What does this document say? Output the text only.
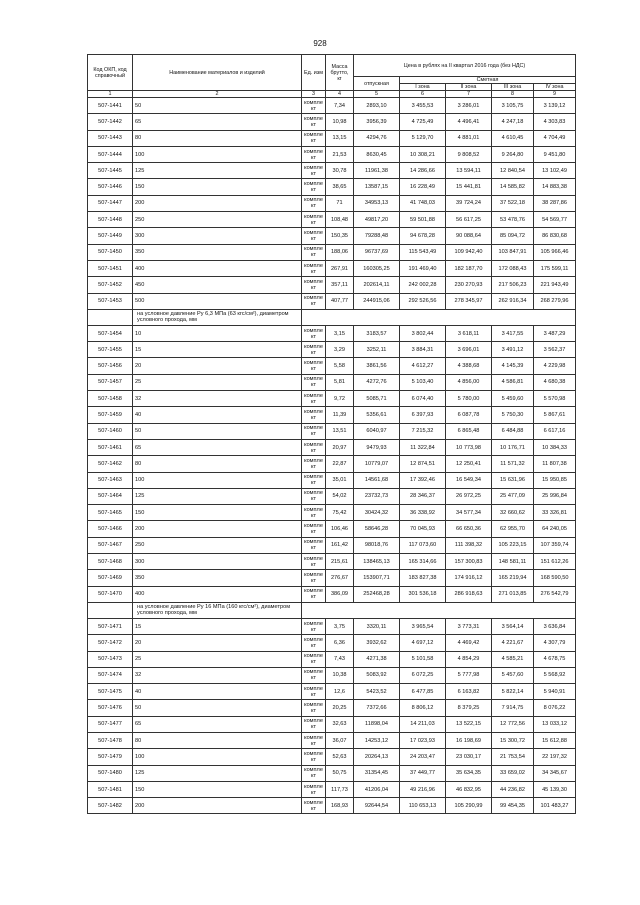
928
Код ОКП, код справочный	Наименование материалов и изделий	Ед. изм	Масса брутто, кг	Цена в рублях на II квартал 2016 года (без НДС)				
				отпускная	Сметная			
					I зона	II зона	III зона	IV зона

1	2	3	4	5	6	7	8	9
507-1441	50	компле кт	7,34	2893,10	3 455,53	3 286,01	3 105,75	3 139,12
507-1442	65	компле кт	10,98	3956,39	4 725,49	4 496,41	4 247,18	4 303,83
507-1443	80	компле кт	13,15	4294,76	5 129,70	4 881,01	4 610,45	4 704,49
507-1444	100	компле кт	21,53	8630,45	10 308,21	9 808,52	9 264,80	9 451,80
507-1445	125	компле кт	30,78	11961,38	14 286,66	13 594,11	12 840,54	13 102,49
507-1446	150	компле кт	38,65	13587,15	16 228,49	15 441,81	14 585,82	14 883,38
507-1447	200	компле кт	71	34953,13	41 748,03	39 724,24	37 522,18	38 287,86
507-1448	250	компле кт	108,48	49817,20	59 501,88	56 617,25	53 478,76	54 569,77
507-1449	300	компле кт	150,35	79288,48	94 678,28	90 088,64	85 094,72	86 830,68
507-1450	350	компле кт	188,06	96737,69	115 543,49	109 942,40	103 847,91	105 966,46
507-1451	400	компле кт	267,91	160305,25	191 469,40	182 187,70	172 088,43	175 599,11
507-1452	450	компле кт	357,11	202614,11	242 002,28	230 270,93	217 506,23	221 943,49
507-1453	500	компле кт	407,77	244915,06	292 526,56	278 345,97	262 916,34	268 279,96
	на условное давление Ру 6,3 МПа (63 кгс/см²), диаметром условного прохода, мм							
507-1454	10	компле кт	3,15	3183,57	3 802,44	3 618,11	3 417,55	3 487,29
507-1455	15	компле кт	3,29	3252,11	3 884,31	3 696,01	3 491,12	3 562,37
507-1456	20	компле кт	5,58	3861,56	4 612,27	4 388,68	4 145,39	4 229,98
507-1457	25	компле кт	5,81	4272,76	5 103,40	4 856,00	4 586,81	4 680,38
507-1458	32	компле кт	9,72	5085,71	6 074,40	5 780,00	5 459,60	5 570,98
507-1459	40	компле кт	11,39	5356,61	6 397,93	6 087,78	5 750,30	5 867,61
507-1460	50	компле кт	13,51	6040,97	7 215,32	6 865,48	6 484,88	6 617,16
507-1461	65	компле кт	20,97	9479,93	11 322,84	10 773,98	10 176,71	10 384,33
507-1462	80	компле кт	22,87	10779,07	12 874,51	12 250,41	11 571,32	11 807,38
507-1463	100	компле кт	35,01	14561,68	17 392,46	16 549,34	15 631,96	15 950,85
507-1464	125	компле кт	54,02	23732,73	28 346,37	26 972,25	25 477,09	25 996,84
507-1465	150	компле кт	75,42	30424,32	36 338,92	34 577,34	32 660,62	33 326,81
507-1466	200	компле кт	106,46	58646,28	70 045,93	66 650,36	62 955,70	64 240,05
507-1467	250	компле кт	161,42	98018,76	117 073,60	111 398,32	105 223,15	107 359,74
507-1468	300	компле кт	215,61	138465,13	165 314,66	157 300,83	148 581,11	151 612,26
507-1469	350	компле кт	276,67	153907,71	183 827,38	174 916,12	165 219,94	168 590,50
507-1470	400	компле кт	386,09	252468,28	301 536,18	286 918,63	271 013,85	276 542,79
	на условное давление Ру 16 МПа (160 кгс/см²), диаметром условного прохода, мм							
507-1471	15	компле кт	3,75	3320,11	3 965,54	3 773,31	3 564,14	3 636,84
507-1472	20	компле кт	6,36	3932,62	4 697,12	4 469,42	4 221,67	4 307,79
507-1473	25	компле кт	7,43	4271,38	5 101,58	4 854,29	4 585,21	4 678,75
507-1474	32	компле кт	10,38	5083,92	6 072,25	5 777,98	5 457,60	5 568,92
507-1475	40	компле кт	12,6	5423,52	6 477,85	6 163,82	5 822,14	5 940,91
507-1476	50	компле кт	20,25	7372,66	8 806,12	8 379,25	7 914,75	8 076,22
507-1477	65	компле кт	32,63	11898,04	14 211,03	13 522,15	12 772,56	13 033,12
507-1478	80	компле кт	36,07	14253,12	17 023,93	16 198,69	15 300,72	15 612,88
507-1479	100	компле кт	52,63	20264,13	24 203,47	23 030,17	21 753,54	22 197,32
507-1480	125	компле кт	50,75	31354,45	37 449,77	35 634,35	33 659,02	34 345,67
507-1481	150	компле кт	117,73	41206,04	49 216,96	46 832,95	44 236,82	45 139,30
507-1482	200	компле кт	168,93	92644,54	110 653,13	105 290,99	99 454,35	101 483,27
